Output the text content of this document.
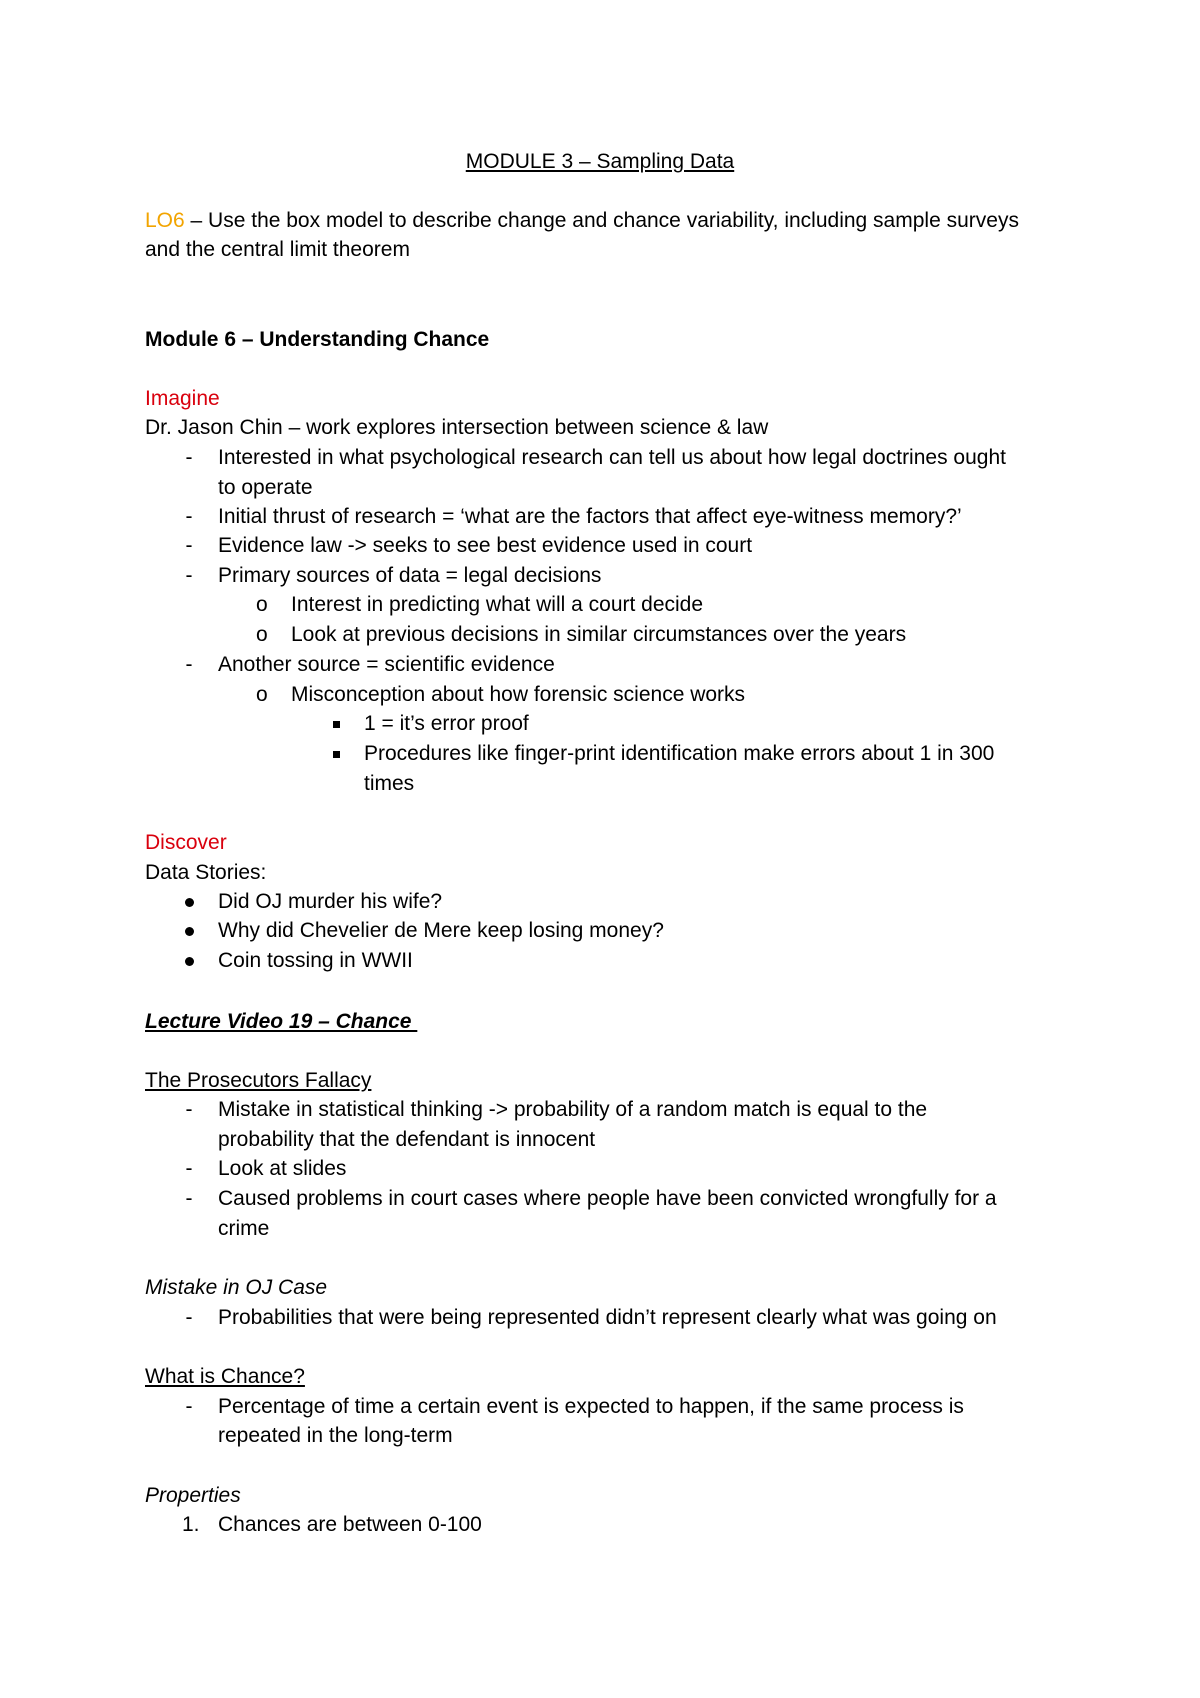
MODULE 3 – Sampling Data
LO6 – Use the box model to describe change and chance variability, including sample surveys
and the central limit theorem
Module 6 – Understanding Chance
Imagine
Dr. Jason Chin – work explores intersection between science & law
- Interested in what psychological research can tell us about how legal doctrines ought
to operate
- Initial thrust of research = ‘what are the factors that affect eye-witness memory?’
- Evidence law -> seeks to see best evidence used in court
- Primary sources of data = legal decisions
o Interest in predicting what will a court decide
o Look at previous decisions in similar circumstances over the years
- Another source = scientific evidence
o Misconception about how forensic science works
1 = it’s error proof
Procedures like finger-print identification make errors about 1 in 300
times
Discover
Data Stories:
Did OJ murder his wife?
Why did Chevelier de Mere keep losing money?
Coin tossing in WWII
Lecture Video 19 – Chance
The Prosecutors Fallacy
- Mistake in statistical thinking -> probability of a random match is equal to the
probability that the defendant is innocent
- Look at slides
- Caused problems in court cases where people have been convicted wrongfully for a
crime
Mistake in OJ Case
- Probabilities that were being represented didn’t represent clearly what was going on
What is Chance?
- Percentage of time a certain event is expected to happen, if the same process is
repeated in the long-term
Properties
1. Chances are between 0-100
